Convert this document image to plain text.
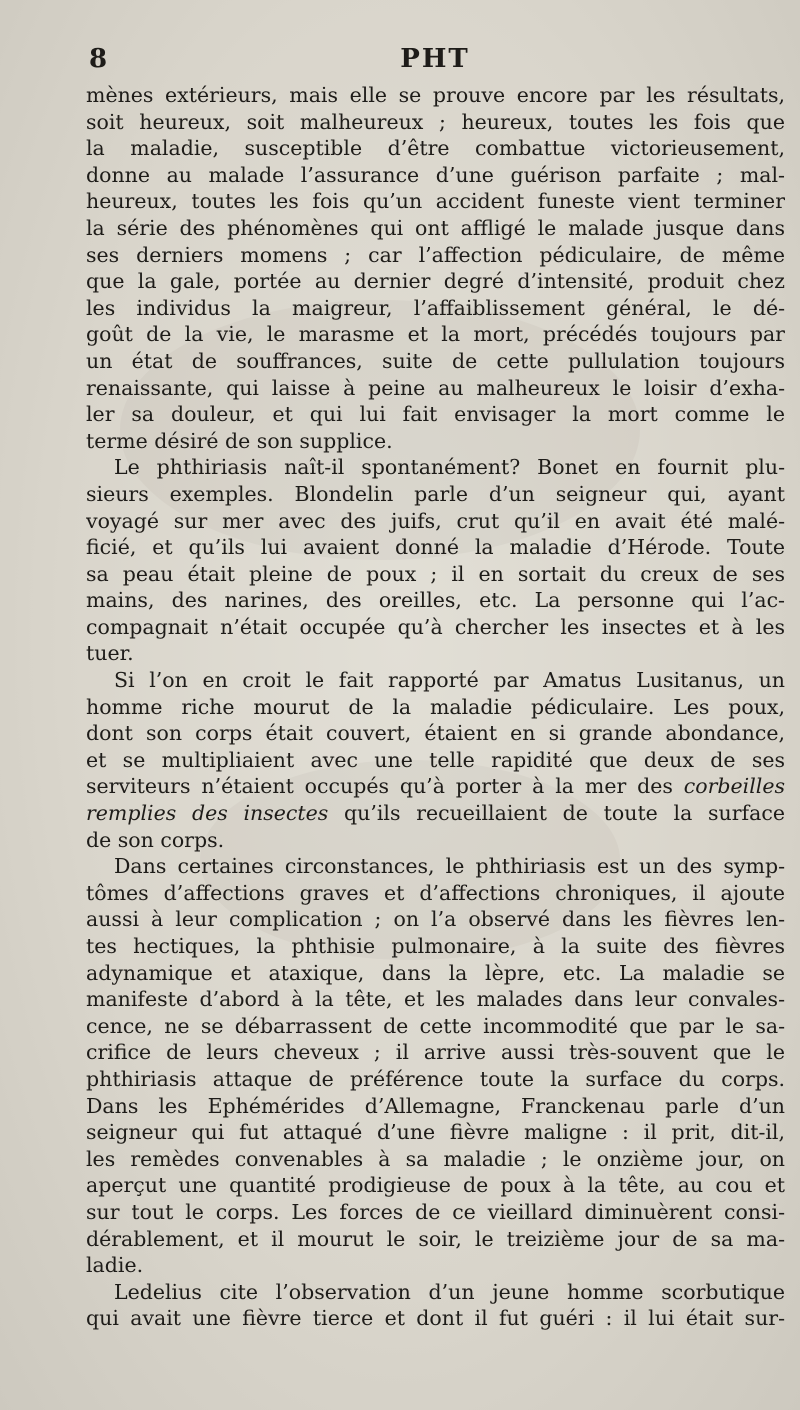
8	PHT
mènes extérieurs, mais elle se prouve encore par les résultats,
soit heureux, soit malheureux ; heureux, toutes les fois que
la maladie, susceptible d’être combattue victorieusement,
donne au malade l’assurance d’une guérison parfaite ; mal-
heureux, toutes les fois qu’un accident funeste vient terminer
la série des phénomènes qui ont affligé le malade jusque dans
ses derniers momens ; car l’affection pédiculaire, de même
que la gale, portée au dernier degré d’intensité, produit chez
les individus la maigreur, l’affaiblissement général, le dé-
goût de la vie, le marasme et la mort, précédés toujours par
un état de souffrances, suite de cette pullulation toujours
renaissante, qui laisse à peine au malheureux le loisir d’exha-
ler sa douleur, et qui lui fait envisager la mort comme le
terme désiré de son supplice.
Le phthiriasis naît-il spontanément? Bonet en fournit plu-
sieurs exemples. Blondelin parle d’un seigneur qui, ayant
voyagé sur mer avec des juifs, crut qu’il en avait été malé-
ficié, et qu’ils lui avaient donné la maladie d’Hérode. Toute
sa peau était pleine de poux ; il en sortait du creux de ses
mains, des narines, des oreilles, etc. La personne qui l’ac-
compagnait n’était occupée qu’à chercher les insectes et à les
tuer.
Si l’on en croit le fait rapporté par Amatus Lusitanus, un
homme riche mourut de la maladie pédiculaire. Les poux,
dont son corps était couvert, étaient en si grande abondance,
et se multipliaient avec une telle rapidité que deux de ses
serviteurs n’étaient occupés qu’à porter à la mer des corbeilles
remplies des insectes qu’ils recueillaient de toute la surface
de son corps.
Dans certaines circonstances, le phthiriasis est un des symp-
tômes d’affections graves et d’affections chroniques, il ajoute
aussi à leur complication ; on l’a observé dans les fièvres len-
tes hectiques, la phthisie pulmonaire, à la suite des fièvres
adynamique et ataxique, dans la lèpre, etc. La maladie se
manifeste d’abord à la tête, et les malades dans leur convales-
cence, ne se débarrassent de cette incommodité que par le sa-
crifice de leurs cheveux ; il arrive aussi très-souvent que le
phthiriasis attaque de préférence toute la surface du corps.
Dans les Ephémérides d’Allemagne, Franckenau parle d’un
seigneur qui fut attaqué d’une fièvre maligne : il prit, dit-il,
les remèdes convenables à sa maladie ; le onzième jour, on
aperçut une quantité prodigieuse de poux à la tête, au cou et
sur tout le corps. Les forces de ce vieillard diminuèrent consi-
dérablement, et il mourut le soir, le treizième jour de sa ma-
ladie.
Ledelius cite l’observation d’un jeune homme scorbutique
qui avait une fièvre tierce et dont il fut guéri : il lui était sur-
